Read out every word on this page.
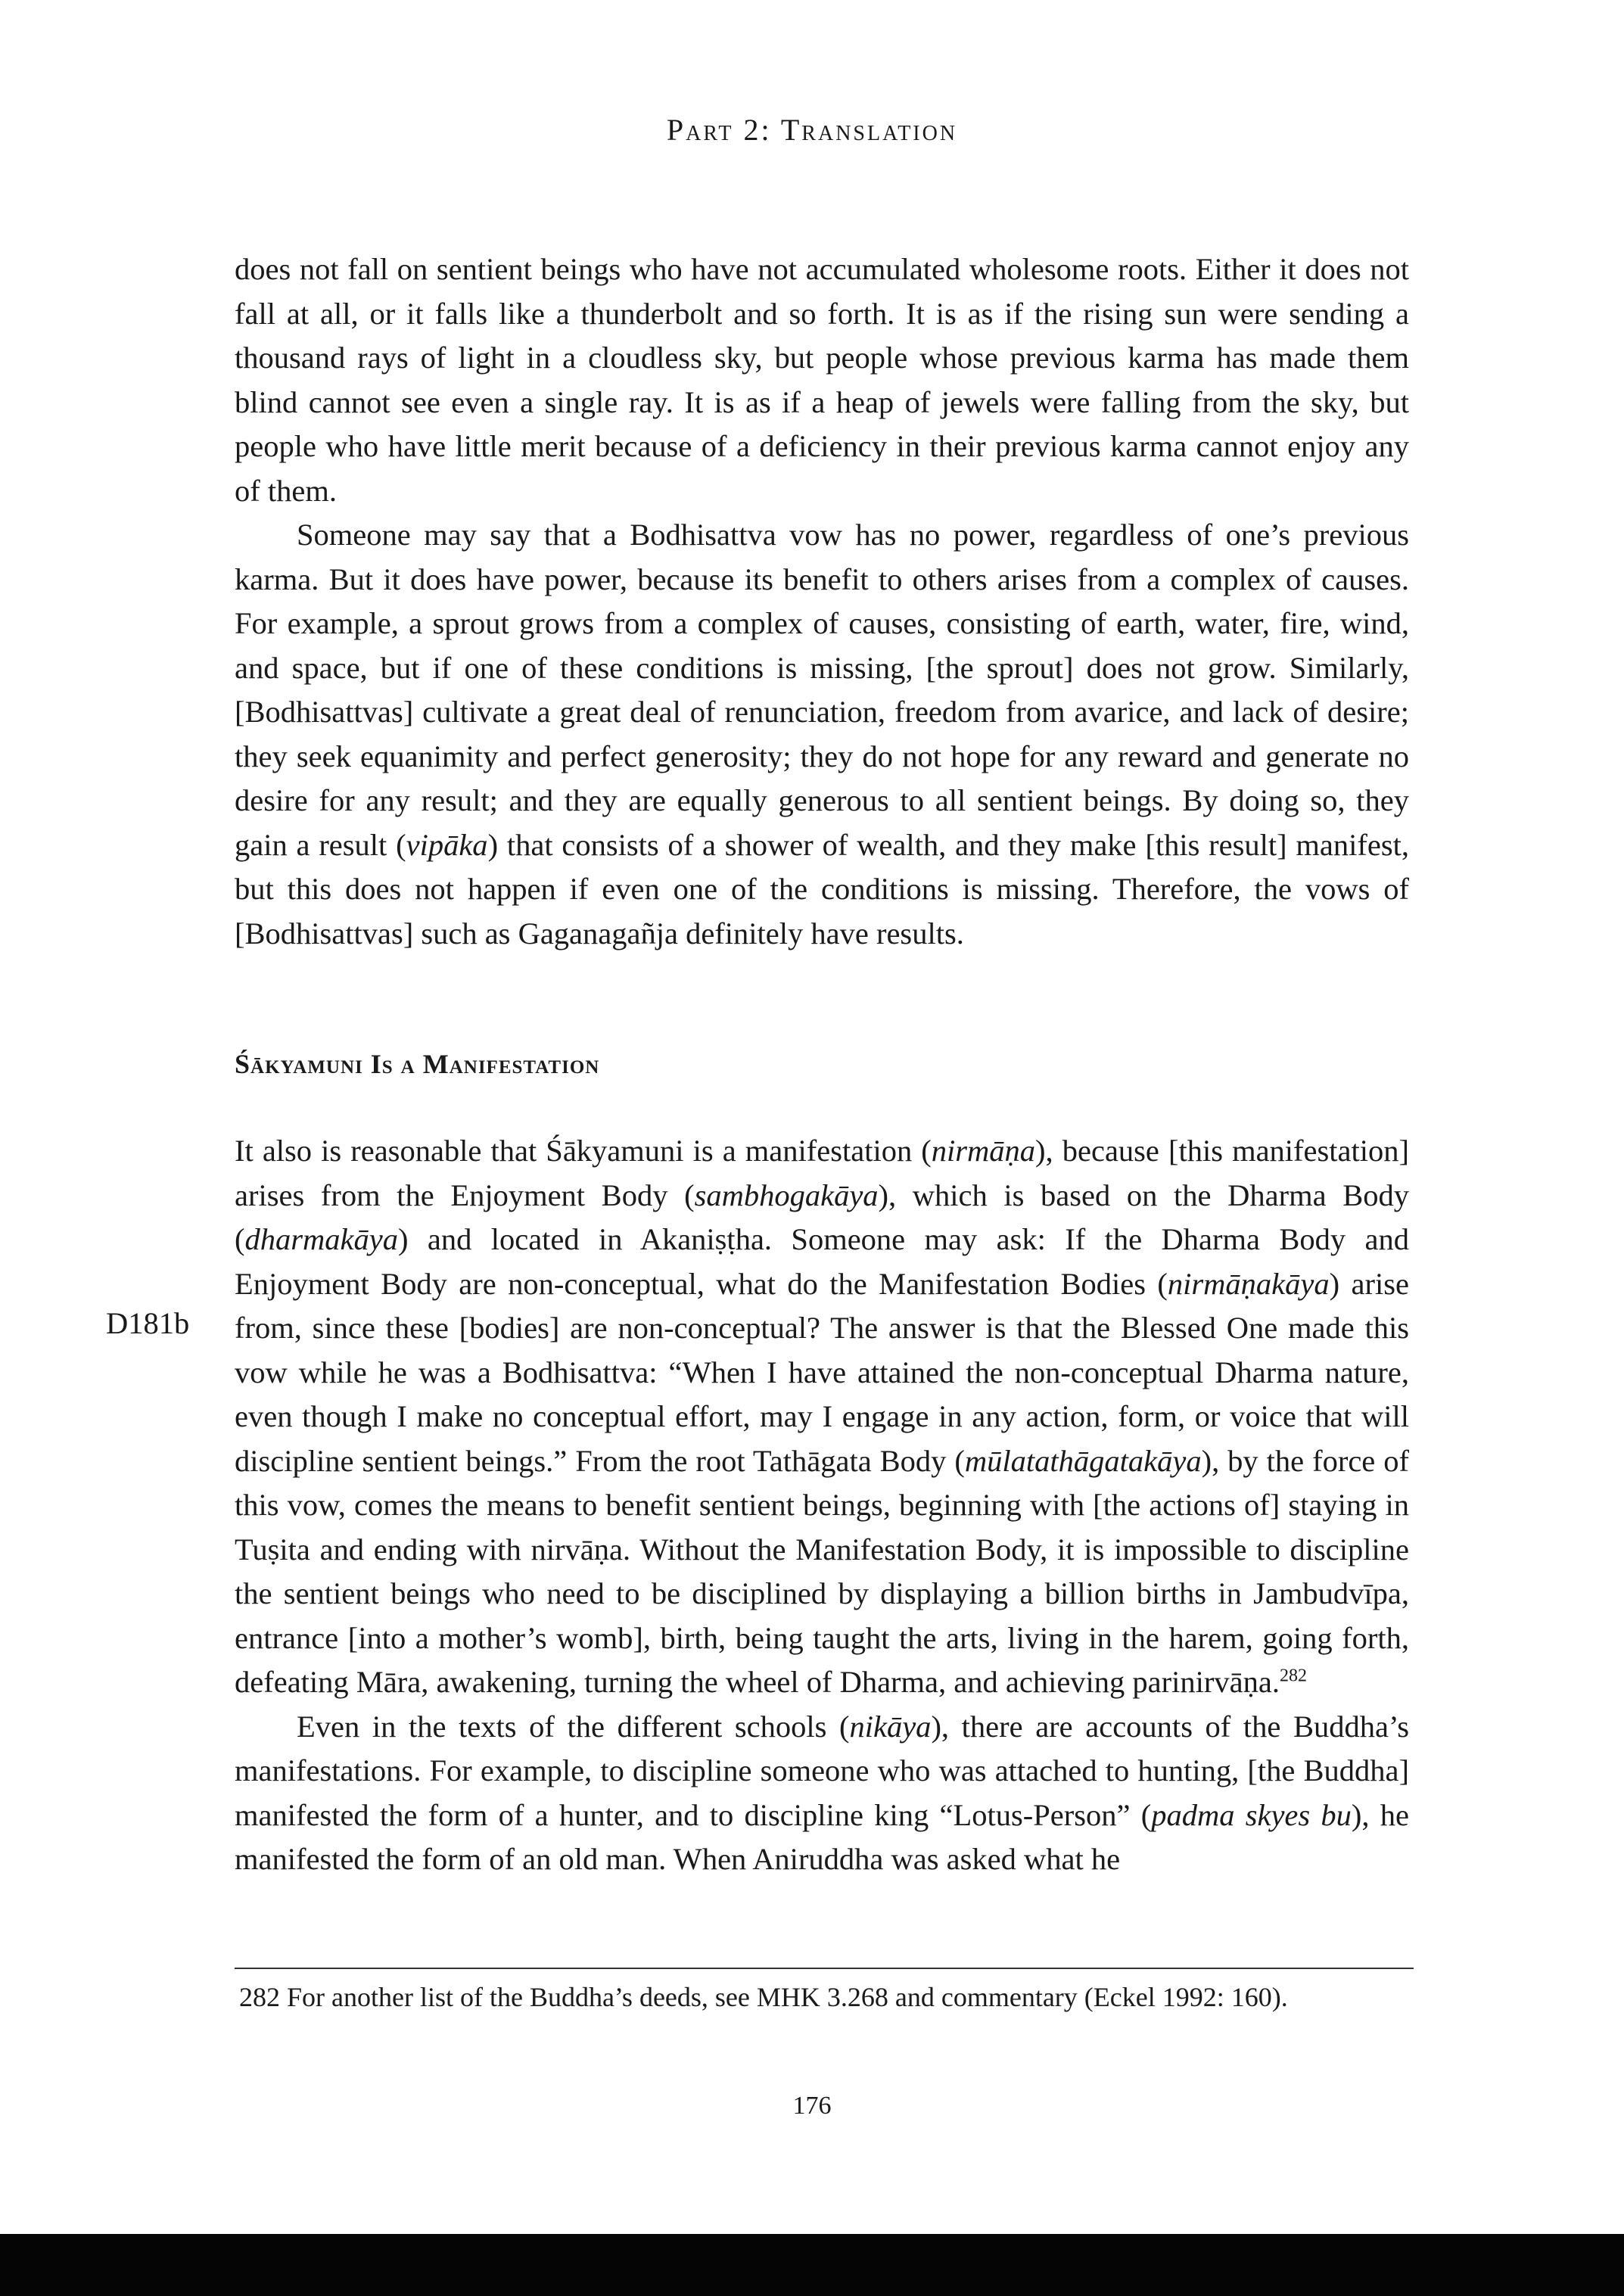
Part 2: Translation

does not fall on sentient beings who have not accumulated wholesome roots. Either it does not fall at all, or it falls like a thunderbolt and so forth. It is as if the rising sun were sending a thousand rays of light in a cloudless sky, but people whose previous karma has made them blind cannot see even a single ray. It is as if a heap of jewels were falling from the sky, but people who have little merit because of a deficiency in their previous karma cannot enjoy any of them.

Someone may say that a Bodhisattva vow has no power, regardless of one’s previous karma. But it does have power, because its benefit to others arises from a complex of causes. For example, a sprout grows from a complex of causes, consisting of earth, water, fire, wind, and space, but if one of these conditions is missing, [the sprout] does not grow. Similarly, [Bodhisattvas] cultivate a great deal of renunciation, freedom from avarice, and lack of desire; they seek equanimity and perfect generosity; they do not hope for any reward and generate no desire for any result; and they are equally generous to all sentient beings. By doing so, they gain a result (vipāka) that consists of a shower of wealth, and they make [this result] manifest, but this does not happen if even one of the conditions is missing. Therefore, the vows of [Bodhisattvas] such as Gaganagañja definitely have results.

Śākyamuni Is a Manifestation
D181b

It also is reasonable that Śākyamuni is a manifestation (nirmāṇa), because [this manifestation] arises from the Enjoyment Body (sambhogakāya), which is based on the Dharma Body (dharmakāya) and located in Akaniṣṭha. Someone may ask: If the Dharma Body and Enjoyment Body are non-conceptual, what do the Manifestation Bodies (nirmāṇakāya) arise from, since these [bodies] are non-conceptual? The answer is that the Blessed One made this vow while he was a Bodhisattva: “When I have attained the non-conceptual Dharma nature, even though I make no conceptual effort, may I engage in any action, form, or voice that will discipline sentient beings.” From the root Tathāgata Body (mūlatathāgatakāya), by the force of this vow, comes the means to benefit sentient beings, beginning with [the actions of] staying in Tuṣita and ending with nirvāṇa. Without the Manifestation Body, it is impossible to discipline the sentient beings who need to be disciplined by displaying a billion births in Jambudvīpa, entrance [into a mother’s womb], birth, being taught the arts, living in the harem, going forth, defeating Māra, awakening, turning the wheel of Dharma, and achieving parinirvāṇa.$^{282}$

Even in the texts of the different schools (nikāya), there are accounts of the Buddha’s manifestations. For example, to discipline someone who was attached to hunting, [the Buddha] manifested the form of a hunter, and to discipline king “Lotus-Person” (padma skyes bu), he manifested the form of an old man. When Aniruddha was asked what he

282 For another list of the Buddha’s deeds, see MHK 3.268 and commentary (Eckel 1992: 160).

176
